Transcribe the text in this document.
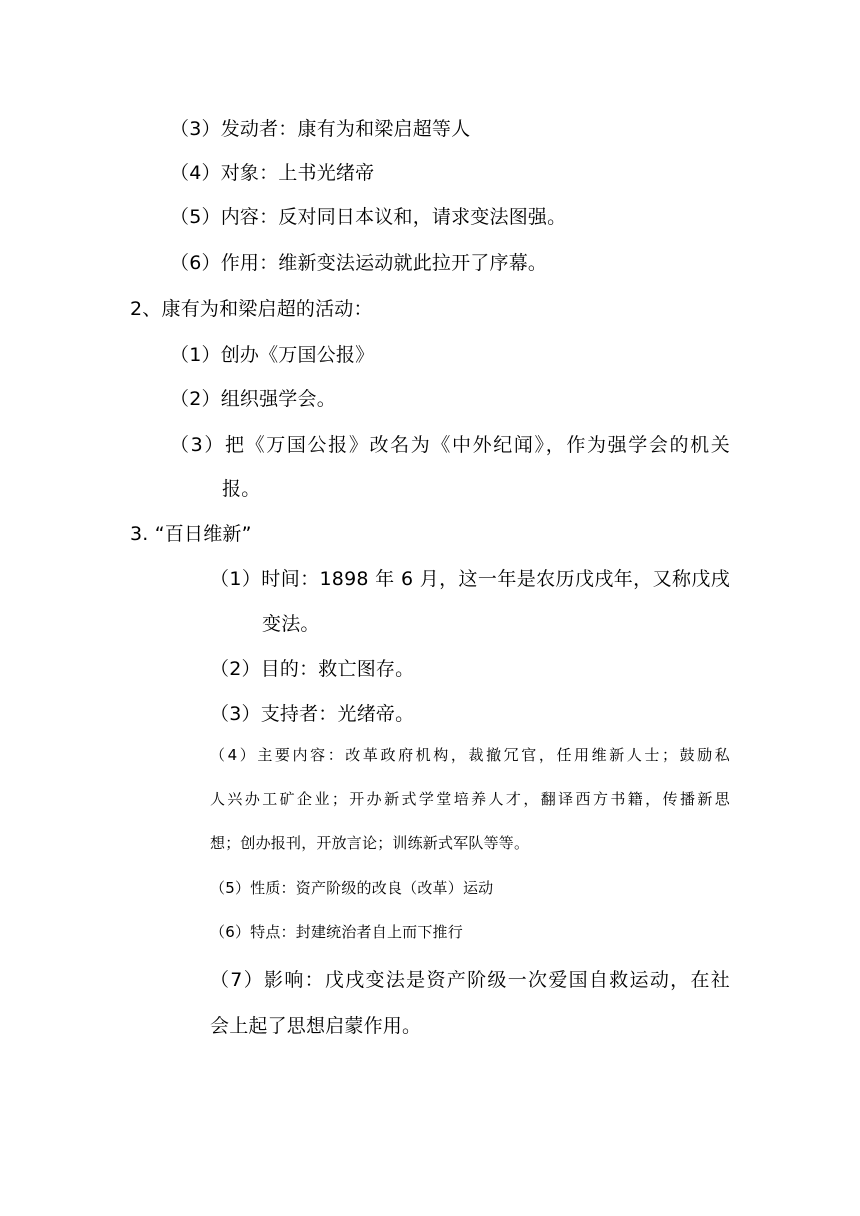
（3）发动者：康有为和梁启超等人
（4）对象：上书光绪帝
（5）内容：反对同日本议和，请求变法图强。
（6）作用：维新变法运动就此拉开了序幕。
2、康有为和梁启超的活动：
（1）创办《万国公报》
（2）组织强学会。
（3）把《万国公报》改名为《中外纪闻》，作为强学会的机关
报。
3. “百日维新”
（1）时间：1898 年 6 月，这一年是农历戊戌年，又称戊戌
变法。
（2）目的：救亡图存。
（3）支持者：光绪帝。
（4）主要内容：改革政府机构，裁撤冗官，任用维新人士；鼓励私
人兴办工矿企业；开办新式学堂培养人才，翻译西方书籍，传播新思
想；创办报刊，开放言论；训练新式军队等等。
（5）性质：资产阶级的改良（改革）运动
（6）特点：封建统治者自上而下推行
（7）影响：戊戌变法是资产阶级一次爱国自救运动，在社
会上起了思想启蒙作用。
